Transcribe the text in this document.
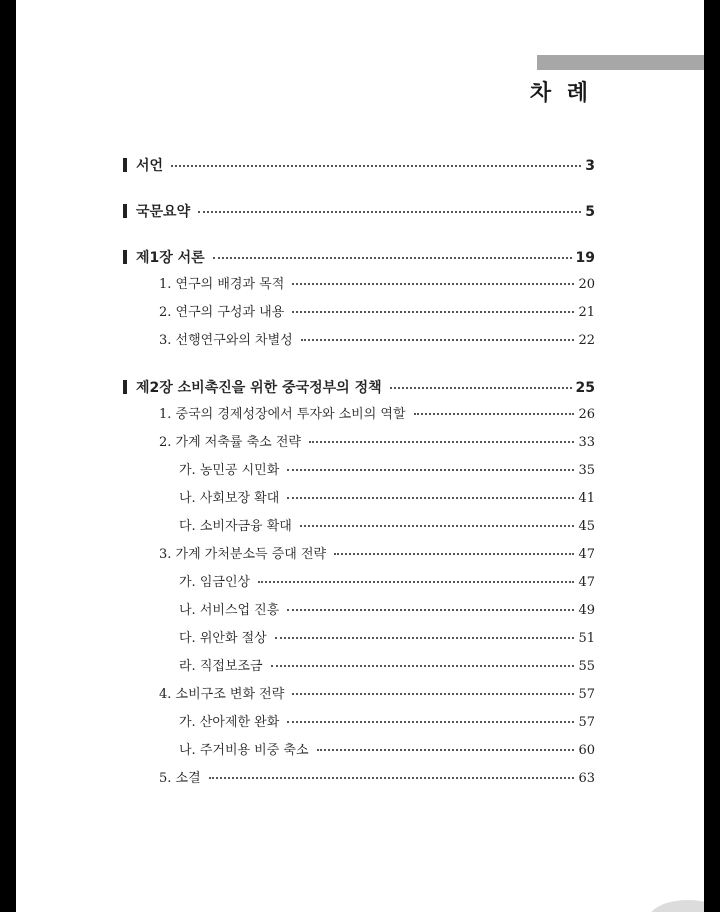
차 례
서언	3
국문요약	5
제1장 서론	19
1. 연구의 배경과 목적	20
2. 연구의 구성과 내용	21
3. 선행연구와의 차별성	22
제2장 소비촉진을 위한 중국정부의 정책	25
1. 중국의 경제성장에서 투자와 소비의 역할	26
2. 가계 저축률 축소 전략	33
가. 농민공 시민화	35
나. 사회보장 확대	41
다. 소비자금융 확대	45
3. 가계 가처분소득 증대 전략	47
가. 임금인상	47
나. 서비스업 진흥	49
다. 위안화 절상	51
라. 직접보조금	55
4. 소비구조 변화 전략	57
가. 산아제한 완화	57
나. 주거비용 비중 축소	60
5. 소결	63
